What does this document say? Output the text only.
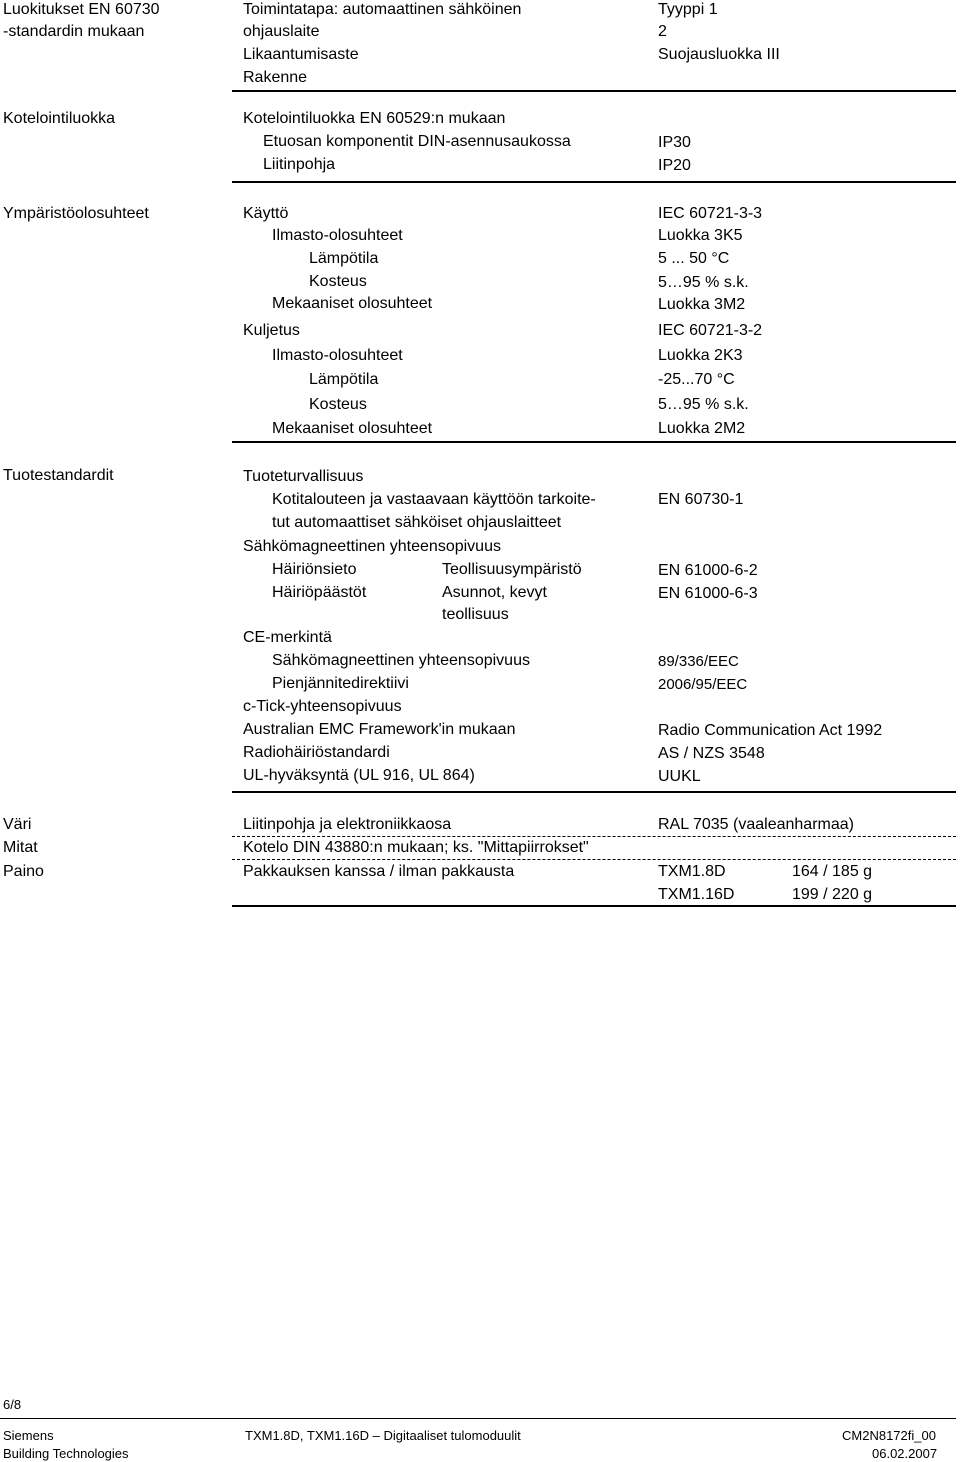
Luokitukset EN 60730
-standardin mukaan
Toimintatapa: automaattinen sähköinen	Tyyppi 1
ohjauslaite	2
Likaantumisaste	Suojausluokka III
Rakenne
Kotelointiluokka	Kotelointiluokka EN 60529:n mukaan
Etuosan komponentit DIN-asennusaukossa	IP30
Liitinpohja	IP20
Ympäristöolosuhteet	Käyttö	IEC 60721-3-3
Ilmasto-olosuhteet	Luokka 3K5
Lämpötila	5 ... 50 °C
Kosteus	5…95 % s.k.
Mekaaniset olosuhteet	Luokka 3M2
Kuljetus	IEC 60721-3-2
Ilmasto-olosuhteet	Luokka 2K3
Lämpötila	-25...70 °C
Kosteus	5…95 % s.k.
Mekaaniset olosuhteet	Luokka 2M2
Tuotestandardit	Tuoteturvallisuus
Kotitalouteen ja vastaavaan käyttöön tarkoite-	EN 60730-1
tut automaattiset sähköiset ohjauslaitteet
Sähkömagneettinen yhteensopivuus
Häiriönsieto	Teollisuusympäristö	EN 61000-6-2
Häiriöpäästöt	Asunnot, kevyt	EN 61000-6-3
teollisuus
CE-merkintä
Sähkömagneettinen yhteensopivuus	89/336/EEC
Pienjännitedirektiivi	2006/95/EEC
c-Tick-yhteensopivuus
Australian EMC Framework'in mukaan	Radio Communication Act 1992
Radiohäiriöstandardi	AS / NZS 3548
UL-hyväksyntä (UL 916, UL 864)	UUKL
Väri	Liitinpohja ja elektroniikkaosa	RAL 7035 (vaaleanharmaa)
Mitat	Kotelo DIN 43880:n mukaan; ks. "Mittapiirrokset"
Paino	Pakkauksen kanssa / ilman pakkausta	TXM1.8D	164 / 185 g
TXM1.16D	199 / 220 g
6/8
Siemens
Building Technologies
TXM1.8D, TXM1.16D – Digitaaliset tulomoduulit	CM2N8172fi_00
06.02.2007
